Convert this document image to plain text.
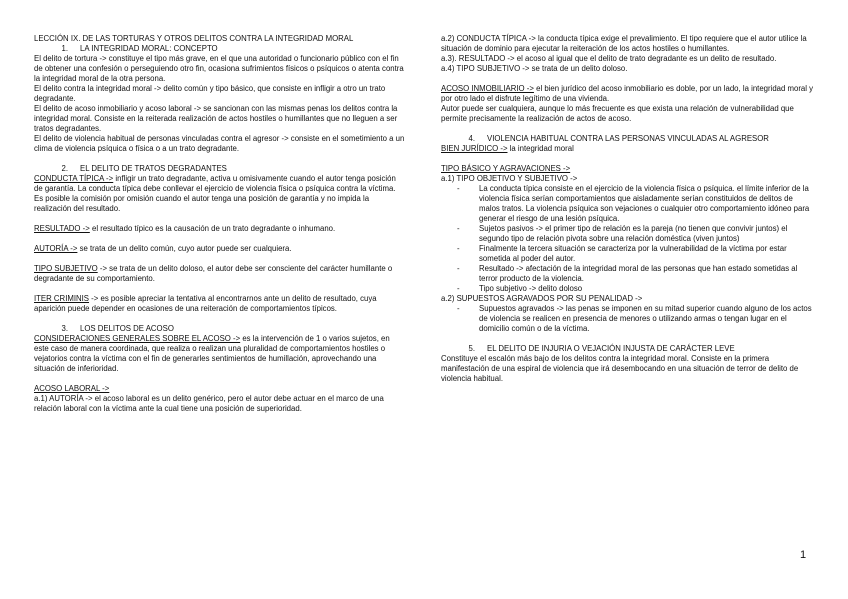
LECCIÓN IX. DE LAS TORTURAS Y OTROS DELITOS CONTRA LA INTEGRIDAD MORAL

1. LA INTEGRIDAD MORAL: CONCEPTO

El delito de tortura -> constituye el tipo más grave, en el que una autoridad o funcionario público con el fin de obtener una confesión o perseguiendo otro fin, ocasiona sufrimientos físicos o psíquicos o atenta contra la integridad moral de la otra persona.

El delito contra la integridad moral -> delito común y tipo básico, que consiste en infligir a otro un trato degradante.

El delito de acoso inmobiliario y acoso laboral -> se sancionan con las mismas penas los delitos contra la integridad moral. Consiste en la reiterada realización de actos hostiles o humillantes que no lleguen a ser tratos degradantes.

El delito de violencia habitual de personas vinculadas contra el agresor -> consiste en el sometimiento a un clima de violencia psíquica o física o a un trato degradante.

2. EL DELITO DE TRATOS DEGRADANTES

CONDUCTA TÍPICA -> infligir un trato degradante, activa u omisivamente cuando el autor tenga posición de garantía. La conducta típica debe conllevar el ejercicio de violencia física o psíquica contra la víctima. Es posible la comisión por omisión cuando el autor tenga una posición de garantía y no impida la realización del resultado.

RESULTADO -> el resultado típico es la causación de un trato degradante o inhumano.

AUTORÍA -> se trata de un delito común, cuyo autor puede ser cualquiera.

TIPO SUBJETIVO -> se trata de un delito doloso, el autor debe ser consciente del carácter humillante o degradante de su comportamiento.

ITER CRIMINIS -> es posible apreciar la tentativa al encontrarnos ante un delito de resultado, cuya aparición puede depender en ocasiones de una reiteración de comportamientos típicos.

3. LOS DELITOS DE ACOSO

CONSIDERACIONES GENERALES SOBRE EL ACOSO -> es la intervención de 1 o varios sujetos, en este caso de manera coordinada, que realiza o realizan una pluralidad de comportamientos hostiles o vejatorios contra la víctima con el fin de generarles sentimientos de humillación, aprovechando una situación de inferioridad.

ACOSO LABORAL ->

a.1) AUTORÍA -> el acoso laboral es un delito genérico, pero el autor debe actuar en el marco de una relación laboral con la víctima ante la cual tiene una posición de superioridad.

a.2) CONDUCTA TÍPICA -> la conducta típica exige el prevalimiento. El tipo requiere que el autor utilice la situación de dominio para ejecutar la reiteración de los actos hostiles o humillantes.

a.3). RESULTADO -> el acoso al igual que el delito de trato degradante es un delito de resultado.

a.4) TIPO SUBJETIVO -> se trata de un delito doloso.

ACOSO INMOBILIARIO -> el bien jurídico del acoso inmobiliario es doble, por un lado, la integridad moral y por otro lado el disfrute legítimo de una vivienda.

Autor puede ser cualquiera, aunque lo más frecuente es que exista una relación de vulnerabilidad que permite precisamente la realización de actos de acoso.

4. VIOLENCIA HABITUAL CONTRA LAS PERSONAS VINCULADAS AL AGRESOR

BIEN JURÍDICO -> la integridad moral

TIPO BÁSICO Y AGRAVACIONES ->

a.1) TIPO OBJETIVO Y SUBJETIVO ->

- La conducta típica consiste en el ejercicio de la violencia física o psíquica. el límite inferior de la violencia física serían comportamientos que aisladamente serían constituidos de delitos de malos tratos. La violencia psíquica son vejaciones o cualquier otro comportamiento idóneo para generar el riesgo de una lesión psíquica.
- Sujetos pasivos -> el primer tipo de relación es la pareja (no tienen que convivir juntos) el segundo tipo de relación pivota sobre una relación doméstica (viven juntos)
- Finalmente la tercera situación se caracteriza por la vulnerabilidad de la víctima por estar sometida al poder del autor.
- Resultado -> afectación de la integridad moral de las personas que han estado sometidas al terror producto de la violencia.
- Tipo subjetivo -> delito doloso

a.2) SUPUESTOS AGRAVADOS POR SU PENALIDAD ->

- Supuestos agravados -> las penas se imponen en su mitad superior cuando alguno de los actos de violencia se realicen en presencia de menores o utilizando armas o tengan lugar en el domicilio común o de la víctima.

5. EL DELITO DE INJURIA O VEJACIÓN INJUSTA DE CARÁCTER LEVE

Constituye el escalón más bajo de los delitos contra la integridad moral. Consiste en la primera manifestación de una espiral de violencia que irá desembocando en una situación de terror de delito de violencia habitual.

1
